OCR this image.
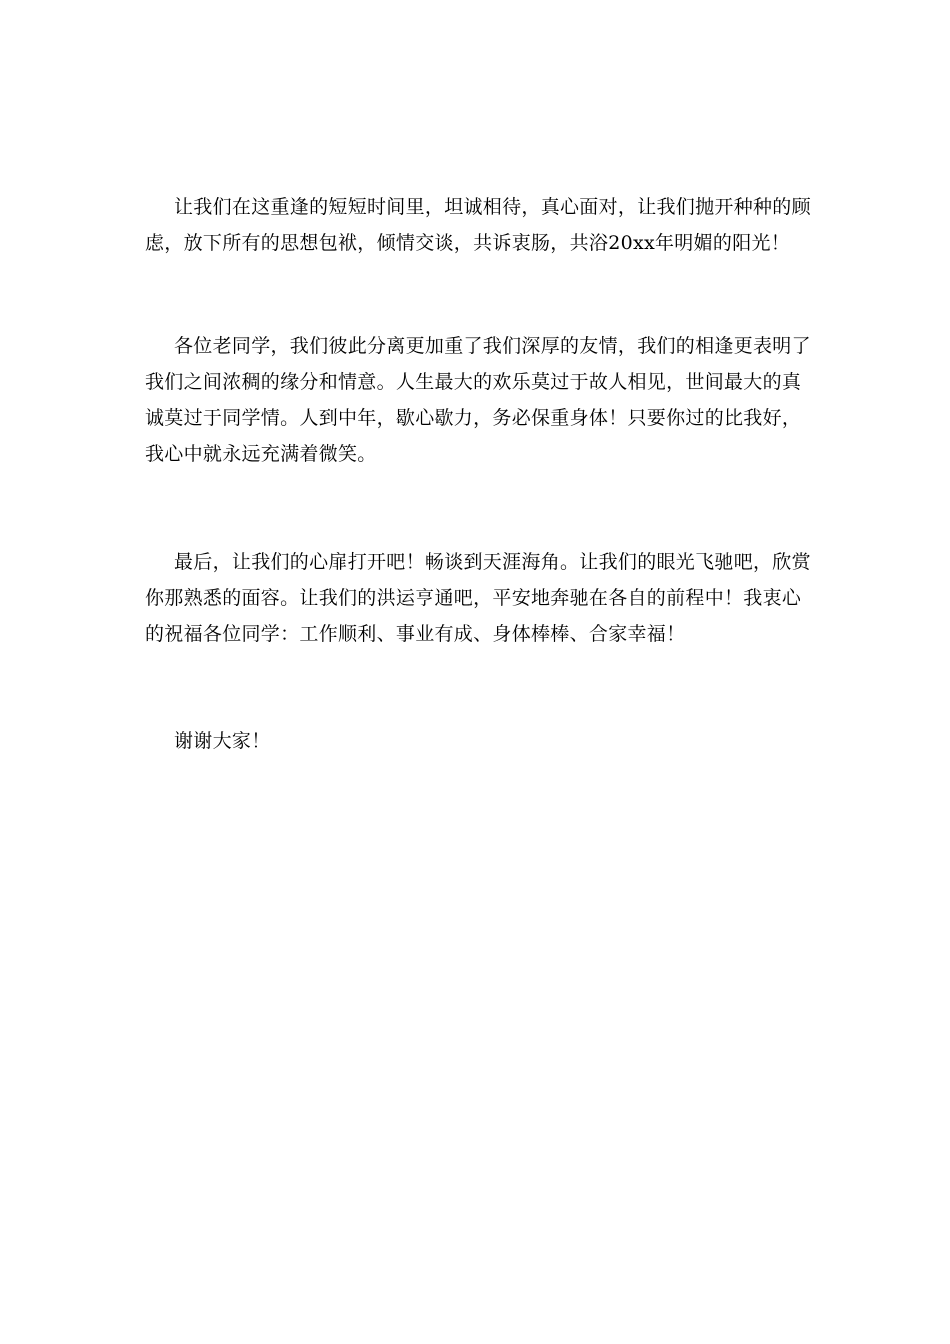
让我们在这重逢的短短时间里，坦诚相待，真心面对，让我们抛开种种的顾虑，放下所有的思想包袱，倾情交谈，共诉衷肠，共浴20xx年明媚的阳光！

各位老同学，我们彼此分离更加重了我们深厚的友情，我们的相逢更表明了我们之间浓稠的缘分和情意。人生最大的欢乐莫过于故人相见，世间最大的真诚莫过于同学情。人到中年，歇心歇力，务必保重身体！只要你过的比我好，我心中就永远充满着微笑。

最后，让我们的心扉打开吧！畅谈到天涯海角。让我们的眼光飞驰吧，欣赏你那熟悉的面容。让我们的洪运亨通吧，平安地奔驰在各自的前程中！我衷心的祝福各位同学：工作顺利、事业有成、身体棒棒、合家幸福！

谢谢大家！
